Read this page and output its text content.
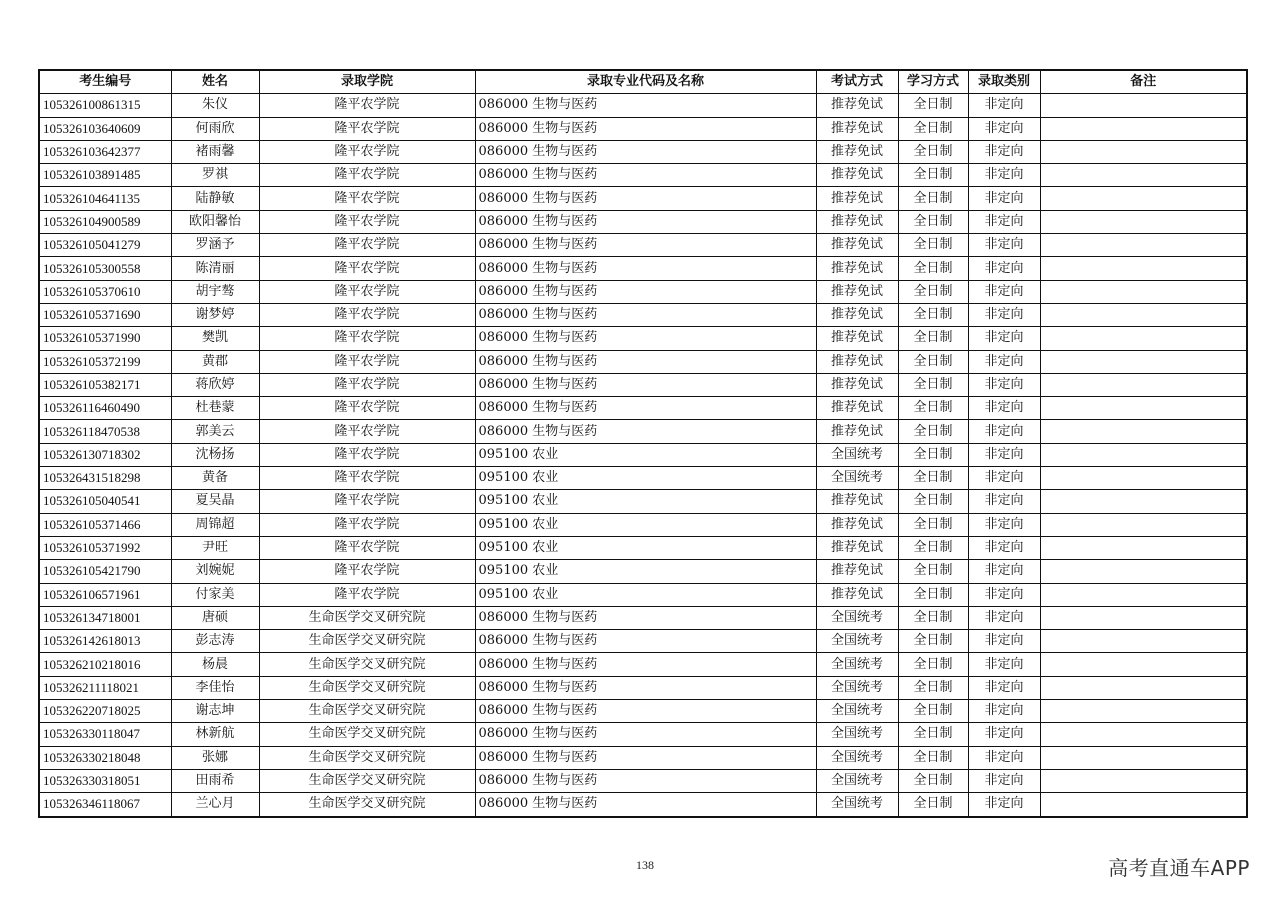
考生编号	姓名	录取学院	录取专业代码及名称	考试方式	学习方式	录取类别	备注
105326100861315	朱仪	隆平农学院	086000 生物与医药	推荐免试	全日制	非定向	
105326103640609	何雨欣	隆平农学院	086000 生物与医药	推荐免试	全日制	非定向	
105326103642377	褚雨馨	隆平农学院	086000 生物与医药	推荐免试	全日制	非定向	
105326103891485	罗祺	隆平农学院	086000 生物与医药	推荐免试	全日制	非定向	
105326104641135	陆静敏	隆平农学院	086000 生物与医药	推荐免试	全日制	非定向	
105326104900589	欧阳馨怡	隆平农学院	086000 生物与医药	推荐免试	全日制	非定向	
105326105041279	罗涵予	隆平农学院	086000 生物与医药	推荐免试	全日制	非定向	
105326105300558	陈清丽	隆平农学院	086000 生物与医药	推荐免试	全日制	非定向	
105326105370610	胡宇骜	隆平农学院	086000 生物与医药	推荐免试	全日制	非定向	
105326105371690	谢梦婷	隆平农学院	086000 生物与医药	推荐免试	全日制	非定向	
105326105371990	樊凯	隆平农学院	086000 生物与医药	推荐免试	全日制	非定向	
105326105372199	黄郡	隆平农学院	086000 生物与医药	推荐免试	全日制	非定向	
105326105382171	蒋欣婷	隆平农学院	086000 生物与医药	推荐免试	全日制	非定向	
105326116460490	杜巷蒙	隆平农学院	086000 生物与医药	推荐免试	全日制	非定向	
105326118470538	郭美云	隆平农学院	086000 生物与医药	推荐免试	全日制	非定向	
105326130718302	沈杨扬	隆平农学院	095100 农业	全国统考	全日制	非定向	
105326431518298	黄备	隆平农学院	095100 农业	全国统考	全日制	非定向	
105326105040541	夏吴晶	隆平农学院	095100 农业	推荐免试	全日制	非定向	
105326105371466	周锦超	隆平农学院	095100 农业	推荐免试	全日制	非定向	
105326105371992	尹旺	隆平农学院	095100 农业	推荐免试	全日制	非定向	
105326105421790	刘婉妮	隆平农学院	095100 农业	推荐免试	全日制	非定向	
105326106571961	付家美	隆平农学院	095100 农业	推荐免试	全日制	非定向	
105326134718001	唐硕	生命医学交叉研究院	086000 生物与医药	全国统考	全日制	非定向	
105326142618013	彭志涛	生命医学交叉研究院	086000 生物与医药	全国统考	全日制	非定向	
105326210218016	杨晨	生命医学交叉研究院	086000 生物与医药	全国统考	全日制	非定向	
105326211118021	李佳怡	生命医学交叉研究院	086000 生物与医药	全国统考	全日制	非定向	
105326220718025	谢志坤	生命医学交叉研究院	086000 生物与医药	全国统考	全日制	非定向	
105326330118047	林新航	生命医学交叉研究院	086000 生物与医药	全国统考	全日制	非定向	
105326330218048	张娜	生命医学交叉研究院	086000 生物与医药	全国统考	全日制	非定向	
105326330318051	田雨希	生命医学交叉研究院	086000 生物与医药	全国统考	全日制	非定向	
105326346118067	兰心月	生命医学交叉研究院	086000 生物与医药	全国统考	全日制	非定向	
138	高考直通车APP
